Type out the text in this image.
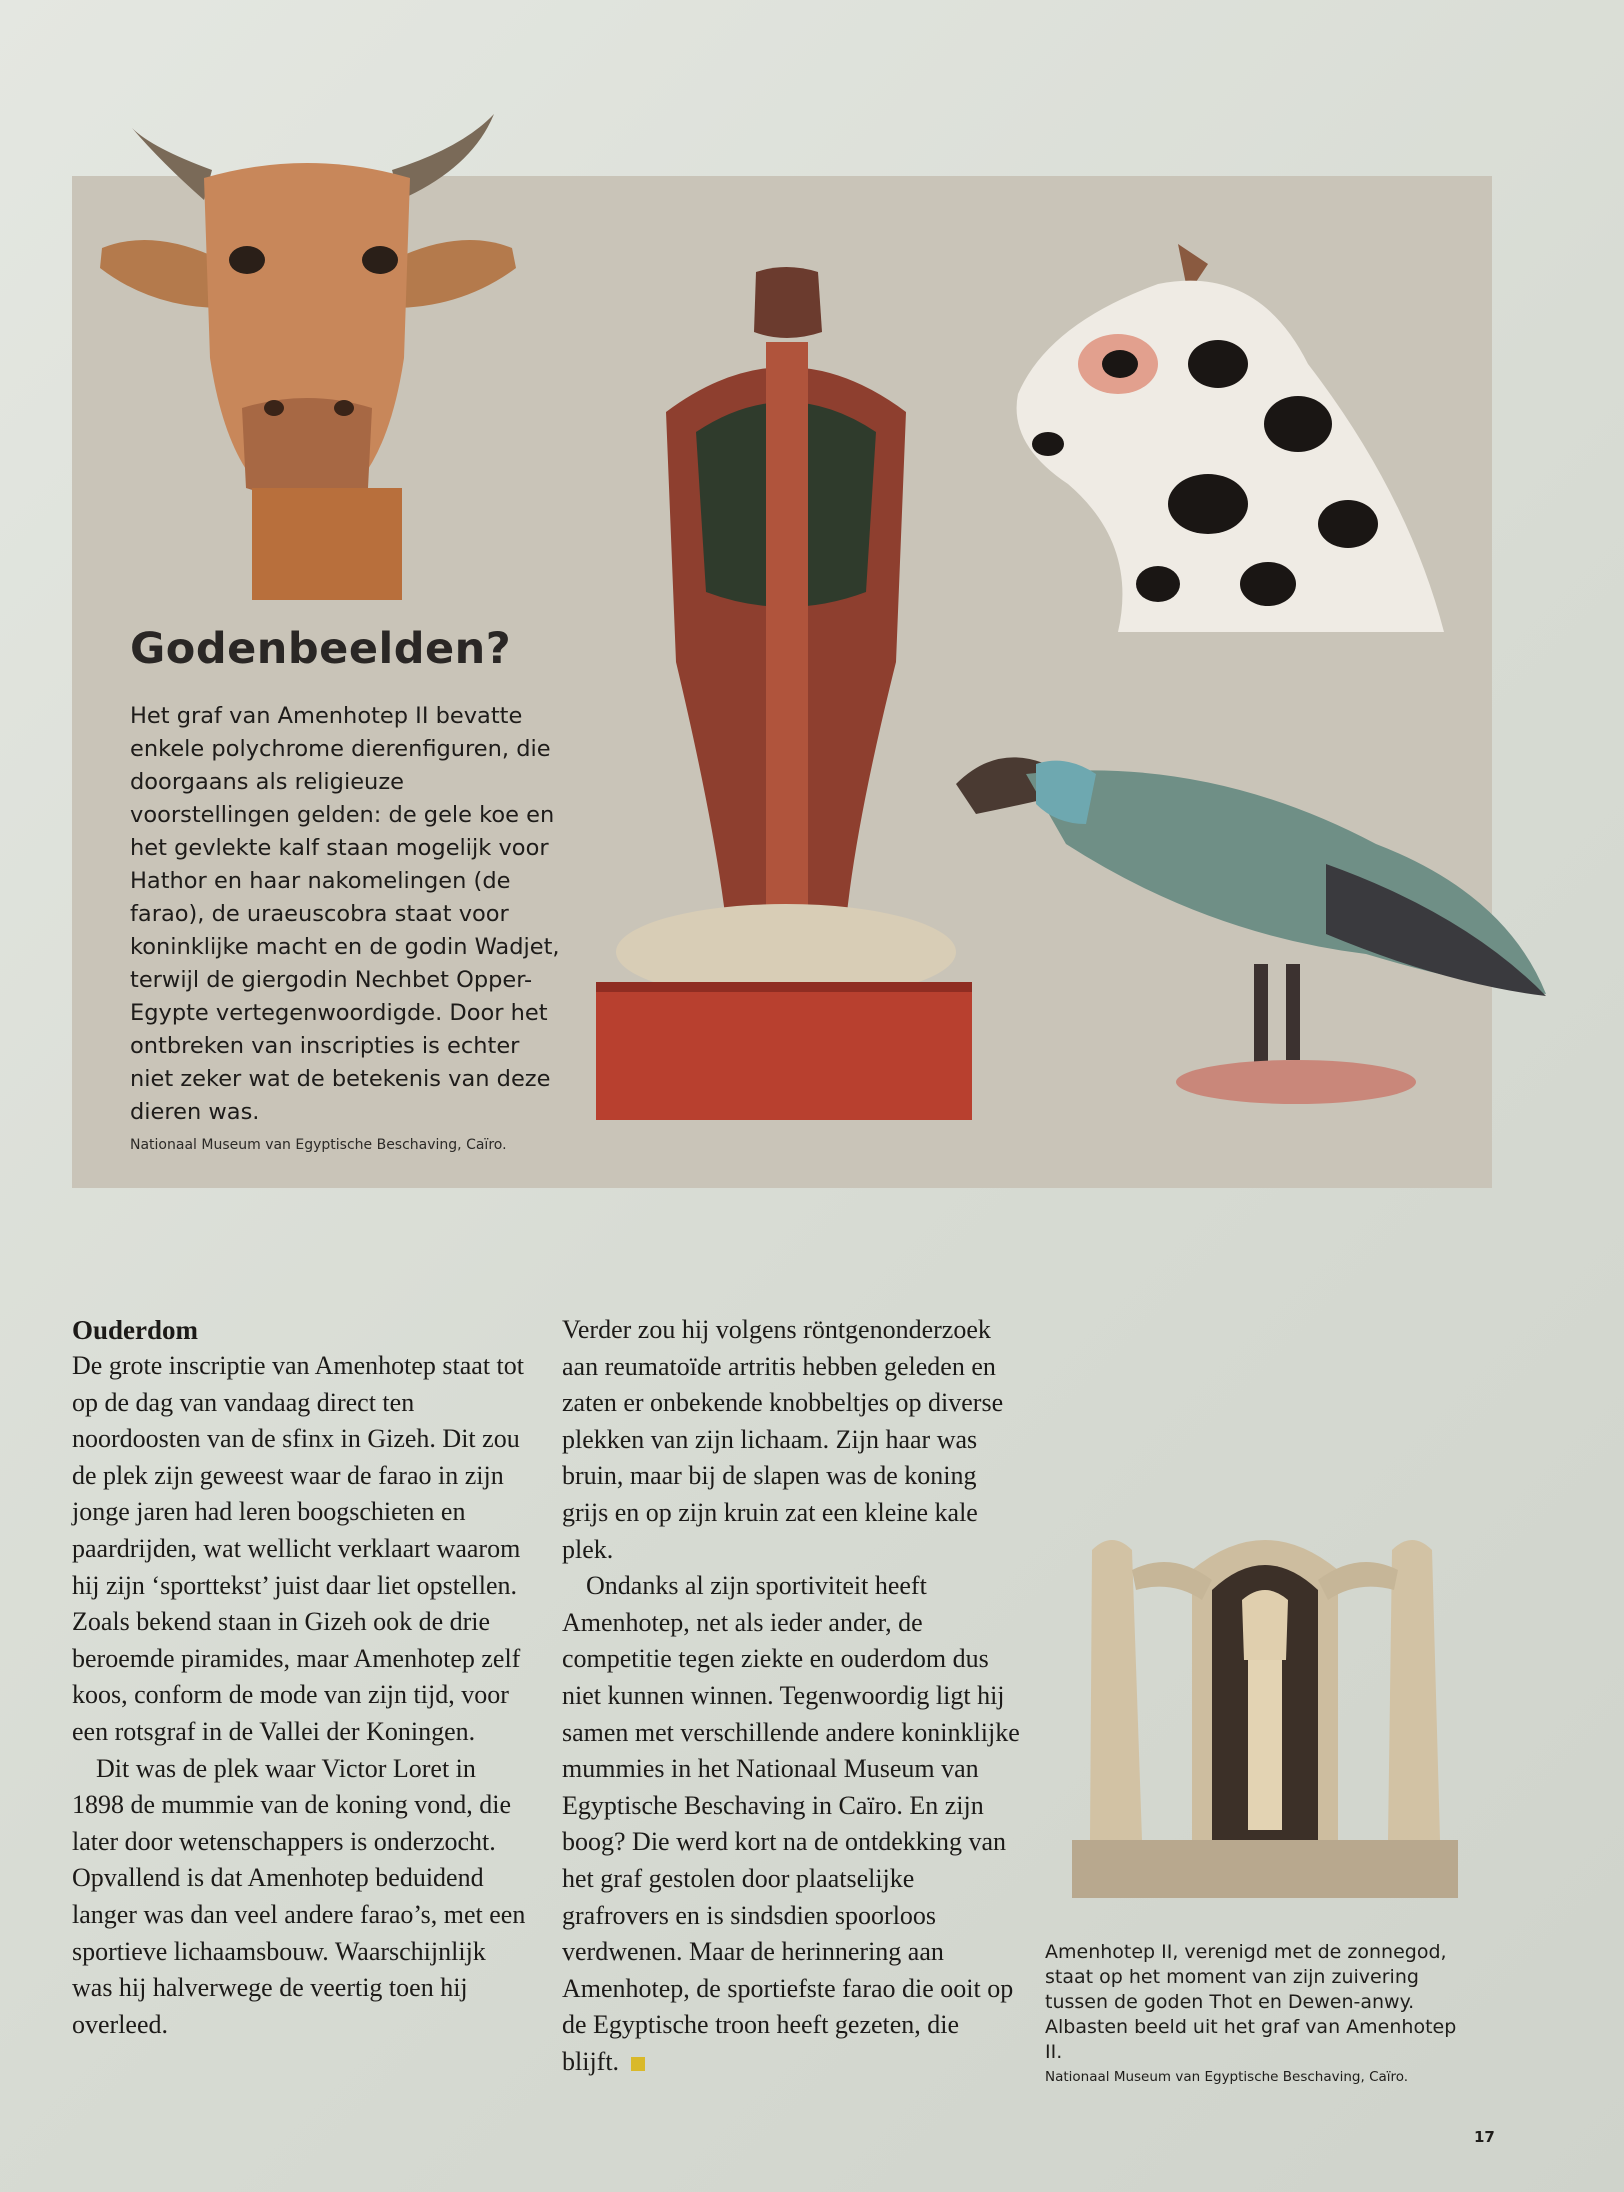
Godenbeelden?

Het graf van Amenhotep II bevatte enkele polychrome dierenfiguren, die doorgaans als religieuze voorstellingen gelden: de gele koe en het gevlekte kalf staan mogelijk voor Hathor en haar nakomelingen (de farao), de uraeuscobra staat voor koninklijke macht en de godin Wadjet, terwijl de giergodin Nechbet Opper-Egypte vertegenwoordigde. Door het ontbreken van inscripties is echter niet zeker wat de betekenis van deze dieren was.
Nationaal Museum van Egyptische Beschaving, Caïro.

Ouderdom

De grote inscriptie van Amenhotep staat tot op de dag van vandaag direct ten noordoosten van de sfinx in Gizeh. Dit zou de plek zijn geweest waar de farao in zijn jonge jaren had leren boogschieten en paardrijden, wat wellicht verklaart waarom hij zijn ‘sporttekst’ juist daar liet opstellen. Zoals bekend staan in Gizeh ook de drie beroemde piramides, maar Amenhotep zelf koos, conform de mode van zijn tijd, voor een rotsgraf in de Vallei der Koningen.

Dit was de plek waar Victor Loret in 1898 de mummie van de koning vond, die later door wetenschappers is onderzocht. Opvallend is dat Amenhotep beduidend langer was dan veel andere farao’s, met een sportieve lichaamsbouw. Waarschijnlijk was hij halverwege de veertig toen hij overleed.

Verder zou hij volgens röntgenonderzoek aan reumatoïde artritis hebben geleden en zaten er onbekende knobbeltjes op diverse plekken van zijn lichaam. Zijn haar was bruin, maar bij de slapen was de koning grijs en op zijn kruin zat een kleine kale plek.

Ondanks al zijn sportiviteit heeft Amenhotep, net als ieder ander, de competitie tegen ziekte en ouderdom dus niet kunnen winnen. Tegenwoordig ligt hij samen met verschillende andere koninklijke mummies in het Nationaal Museum van Egyptische Beschaving in Caïro. En zijn boog? Die werd kort na de ontdekking van het graf gestolen door plaatselijke grafrovers en is sindsdien spoorloos verdwenen. Maar de herinnering aan Amenhotep, de sportiefste farao die ooit op de Egyptische troon heeft gezeten, die blijft.

Amenhotep II, verenigd met de zonnegod, staat op het moment van zijn zuivering tussen de goden Thot en Dewen-anwy. Albasten beeld uit het graf van Amenhotep II.

Nationaal Museum van Egyptische Beschaving, Caïro.

17
